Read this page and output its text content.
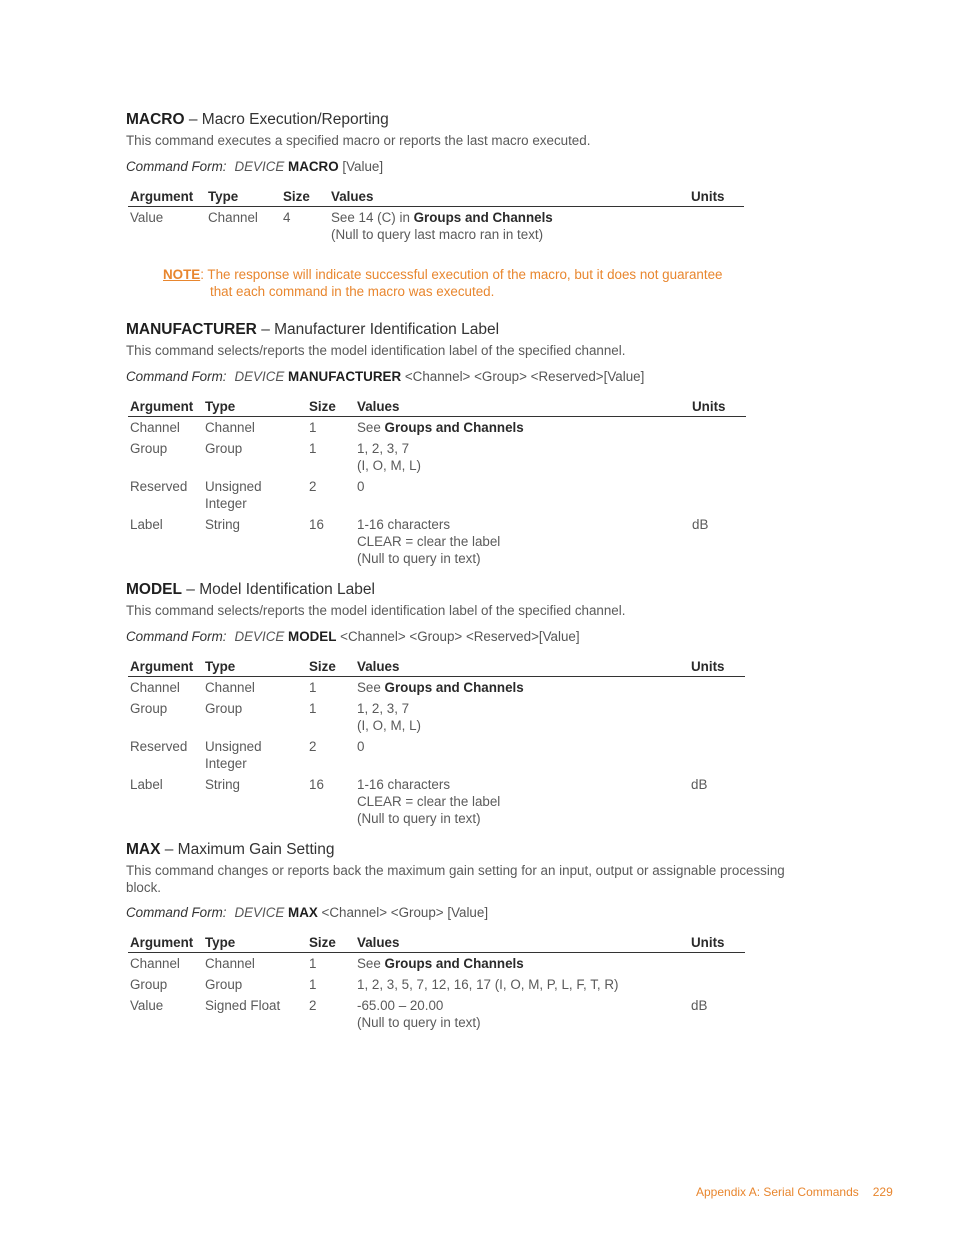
MACRO – Macro Execution/Reporting

This command executes a specified macro or reports the last macro executed.

Command Form: DEVICE MACRO [Value]
Argument	Type	Size	Values	Units
Value	Channel	4	See 14 (C) in Groups and Channels
(Null to query last macro ran in text)	
NOTE: The response will indicate successful execution of the macro, but it does not guarantee
that each command in the macro was executed.

MANUFACTURER – Manufacturer Identification Label

This command selects/reports the model identification label of the specified channel.

Command Form: DEVICE MANUFACTURER <Channel> <Group> <Reserved>[Value]
Argument	Type	Size	Values	Units
Channel	Channel	1	See Groups and Channels	
Group	Group	1	1, 2, 3, 7
(I, O, M, L)	
Reserved	Unsigned Integer	2	0	
Label	String	16	1-16 characters
CLEAR = clear the label
(Null to query in text)	dB

MODEL – Model Identification Label

This command selects/reports the model identification label of the specified channel.

Command Form: DEVICE MODEL <Channel> <Group> <Reserved>[Value]
Argument	Type	Size	Values	Units
Channel	Channel	1	See Groups and Channels	
Group	Group	1	1, 2, 3, 7
(I, O, M, L)	
Reserved	Unsigned Integer	2	0	
Label	String	16	1-16 characters
CLEAR = clear the label
(Null to query in text)	dB

MAX – Maximum Gain Setting

This command changes or reports back the maximum gain setting for an input, output or assignable processing block.

Command Form: DEVICE MAX <Channel> <Group> [Value]
Argument	Type	Size	Values	Units
Channel	Channel	1	See Groups and Channels	
Group	Group	1	1, 2, 3, 5, 7, 12, 16, 17 (I, O, M, P, L, F, T, R)	
Value	Signed Float	2	-65.00 – 20.00
(Null to query in text)	dB
Appendix A: Serial Commands 229
